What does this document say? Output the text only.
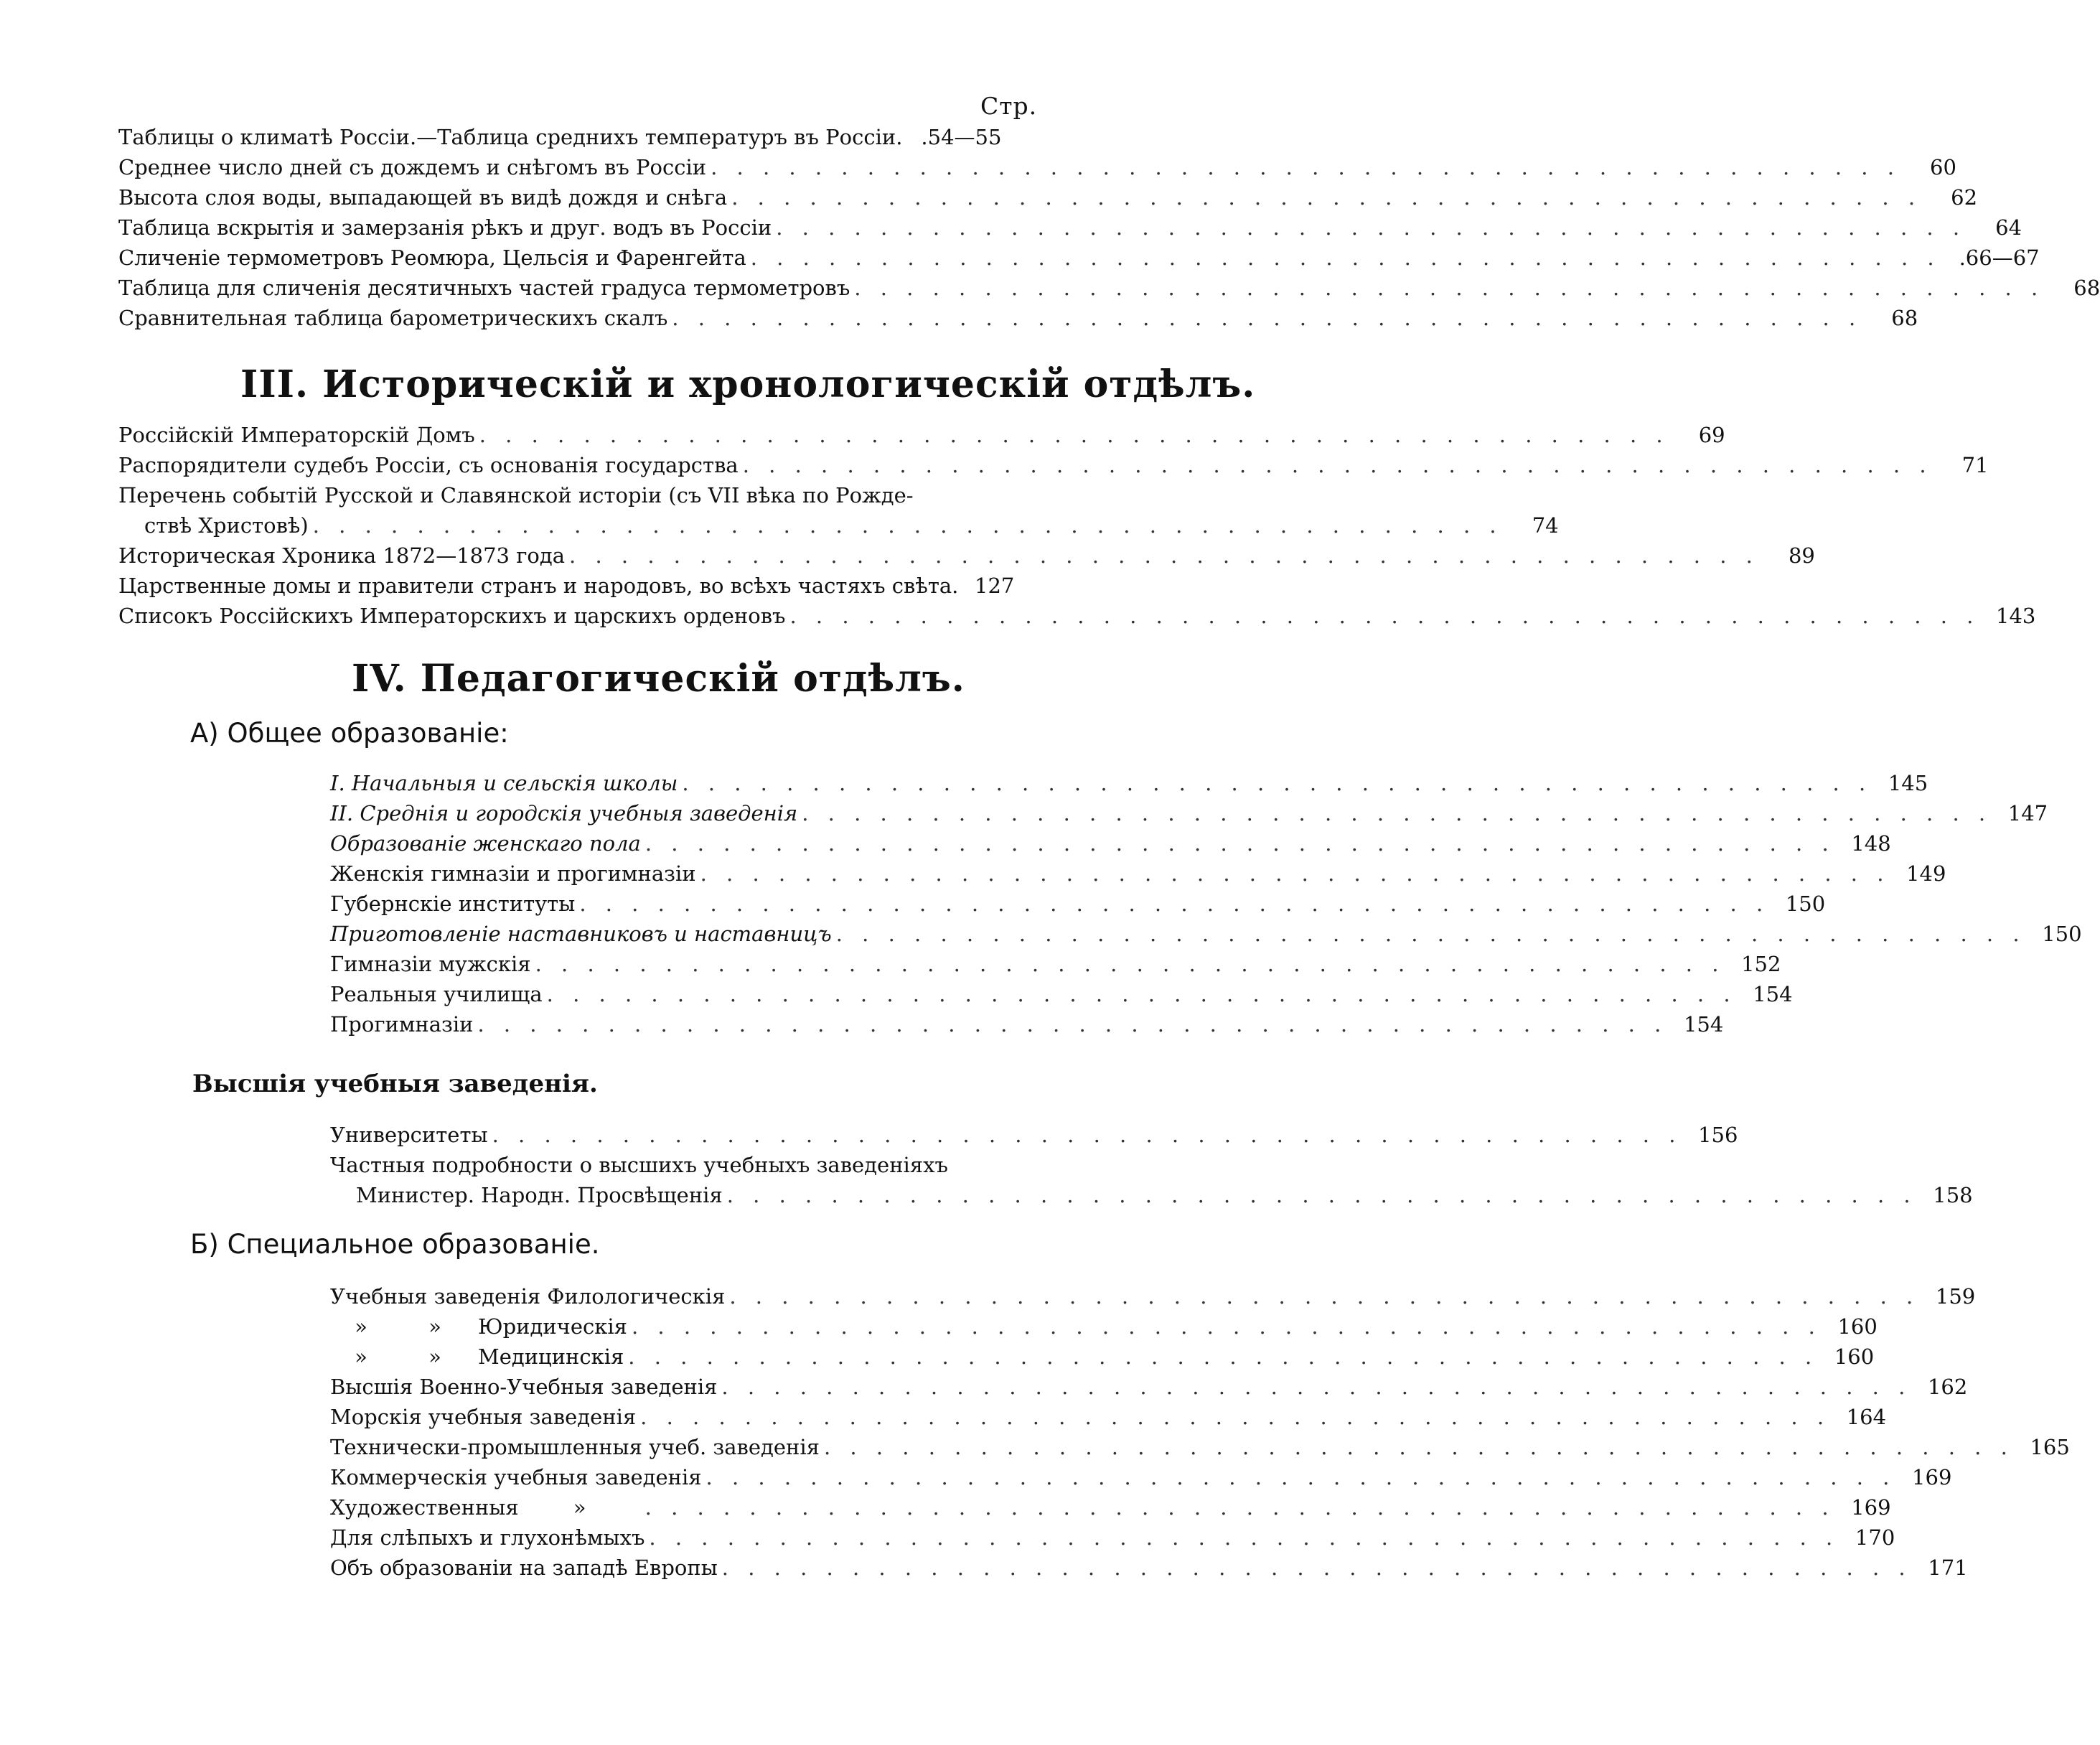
Стр.
Таблицы о климатѣ Россіи.—Таблица среднихъ температуръ въ Россіи. .54—55
Среднее число дней съ дождемъ и снѣгомъ въ Россіи . . .	60
Высота слоя воды, выпадающей въ видѣ дождя и снѣга . . .	62
Таблица вскрытія и замерзанія рѣкъ и друг. водъ въ Россіи . . .	64
Сличеніе термометровъ Реомюра, Цельсія и Фаренгейта . . .	.66—67
Таблица для сличенія десятичныхъ частей градуса термометровъ . . .	68
Сравнительная таблица барометрическихъ скалъ . . .	68
III. Историческій и хронологическій отдѣлъ.
Россійскій Императорскій Домъ . . .	69
Распорядители судебъ Россіи, съ основанія государства . . .	71
Перечень событій Русской и Славянской исторіи (съ VII вѣка по Рожде-
ствѣ Христовѣ) . . .	74
Историческая Хроника 1872—1873 года . . .	89
Царственные домы и правители странъ и народовъ, во всѣхъ частяхъ свѣта. 127
Списокъ Россійскихъ Императорскихъ и царскихъ орденовъ . . .	143
IV. Педагогическій отдѣлъ.
А) Общее образованіе:
I. Начальныя и сельскія школы . . .	145
II. Среднія и городскія учебныя заведенія . . .	147
Образованіе женскаго пола . . .	148
Женскія гимназіи и прогимназіи . . .	149
Губернскіе институты . . .	150
Приготовленіе наставниковъ и наставницъ . . .	150
Гимназіи мужскія . . .	152
Реальныя училища . . .	154
Прогимназіи . . .	154
Высшія учебныя заведенія.
Университеты . . .	156
Частныя подробности о высшихъ учебныхъ заведеніяхъ
Министер. Народн. Просвѣщенія . . .	158
Б) Специальное образованіе.
Учебныя заведенія Филологическія . . .	159
»	»	Юридическія . . .	160
»	»	Медицинскія . . .	160
Высшія Военно-Учебныя заведенія . . .	162
Морскія учебныя заведенія . . .	164
Технически-промышленныя учеб. заведенія . . .	165
Коммерческія учебныя заведенія . . .	169
Художественныя	» . . .	169
Для слѣпыхъ и глухонѣмыхъ . . .	170
Объ образованіи на западѣ Европы . . .	171
